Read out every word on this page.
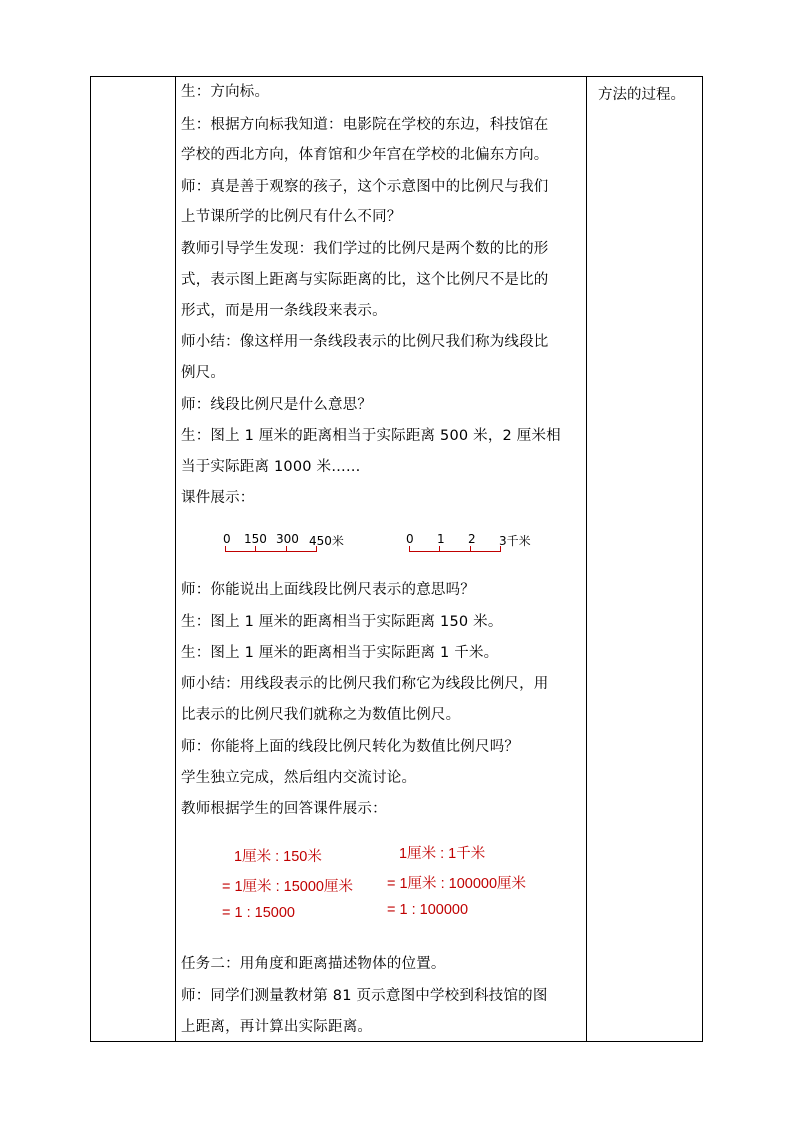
生：方向标。
生：根据方向标我知道：电影院在学校的东边，科技馆在
学校的西北方向，体育馆和少年宫在学校的北偏东方向。
师：真是善于观察的孩子，这个示意图中的比例尺与我们
上节课所学的比例尺有什么不同？
教师引导学生发现：我们学过的比例尺是两个数的比的形
式，表示图上距离与实际距离的比，这个比例尺不是比的
形式，而是用一条线段来表示。
师小结：像这样用一条线段表示的比例尺我们称为线段比
例尺。
师：线段比例尺是什么意思？
生：图上 1 厘米的距离相当于实际距离 500 米，2 厘米相
当于实际距离 1000 米……
课件展示：
0 150 300 450米	0 1 2 3千米
师：你能说出上面线段比例尺表示的意思吗？
生：图上 1 厘米的距离相当于实际距离 150 米。
生：图上 1 厘米的距离相当于实际距离 1 千米。
师小结：用线段表示的比例尺我们称它为线段比例尺，用
比表示的比例尺我们就称之为数值比例尺。
师：你能将上面的线段比例尺转化为数值比例尺吗？
学生独立完成，然后组内交流讨论。
教师根据学生的回答课件展示：
1厘米 : 150米
= 1厘米 : 15000厘米
= 1 : 15000
1厘米 : 1千米
= 1厘米 : 100000厘米
= 1 : 100000
任务二：用角度和距离描述物体的位置。
师：同学们测量教材第 81 页示意图中学校到科技馆的图
上距离，再计算出实际距离。
方法的过程。
